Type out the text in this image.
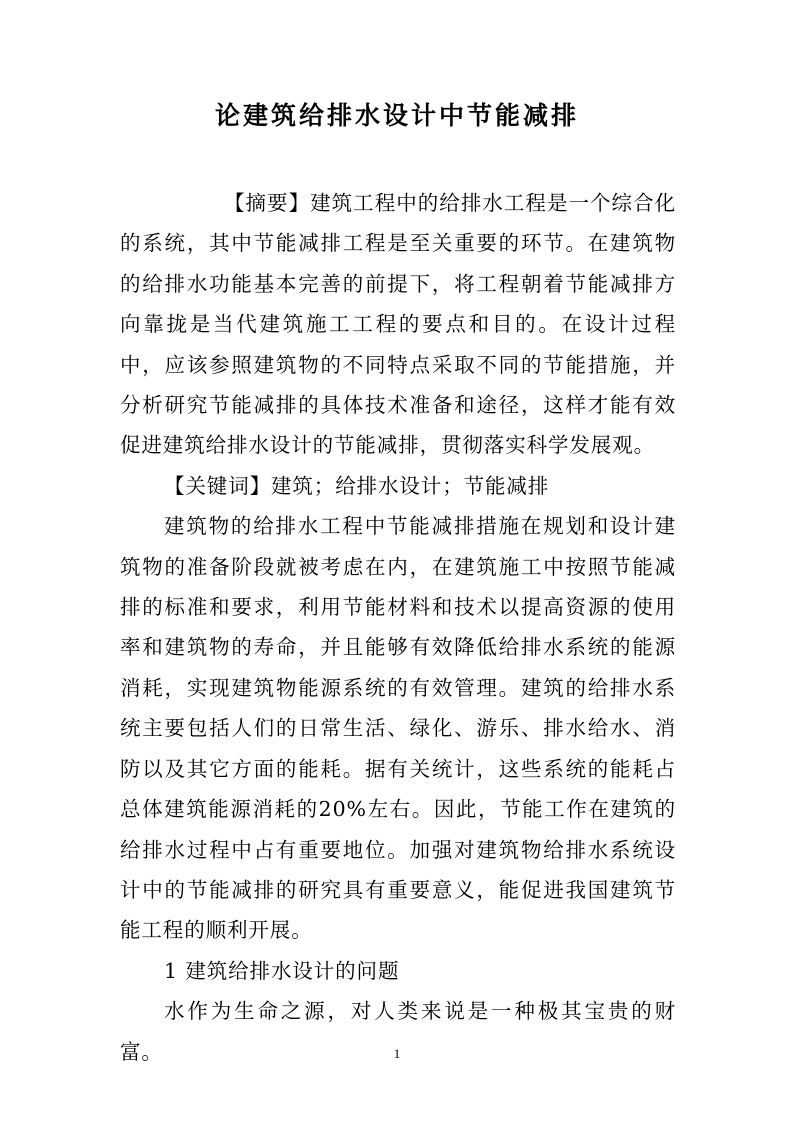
论建筑给排水设计中节能减排

【摘要】建筑工程中的给排水工程是一个综合化的系统，其中节能减排工程是至关重要的环节。在建筑物的给排水功能基本完善的前提下，将工程朝着节能减排方向靠拢是当代建筑施工工程的要点和目的。在设计过程中，应该参照建筑物的不同特点采取不同的节能措施，并分析研究节能减排的具体技术准备和途径，这样才能有效促进建筑给排水设计的节能减排，贯彻落实科学发展观。

【关键词】建筑；给排水设计；节能减排

建筑物的给排水工程中节能减排措施在规划和设计建筑物的准备阶段就被考虑在内，在建筑施工中按照节能减排的标准和要求，利用节能材料和技术以提高资源的使用率和建筑物的寿命，并且能够有效降低给排水系统的能源消耗，实现建筑物能源系统的有效管理。建筑的给排水系统主要包括人们的日常生活、绿化、游乐、排水给水、消防以及其它方面的能耗。据有关统计，这些系统的能耗占总体建筑能源消耗的20%左右。因此，节能工作在建筑的给排水过程中占有重要地位。加强对建筑物给排水系统设计中的节能减排的研究具有重要意义，能促进我国建筑节能工程的顺利开展。

1 建筑给排水设计的问题

水作为生命之源，对人类来说是一种极其宝贵的财富。	1
